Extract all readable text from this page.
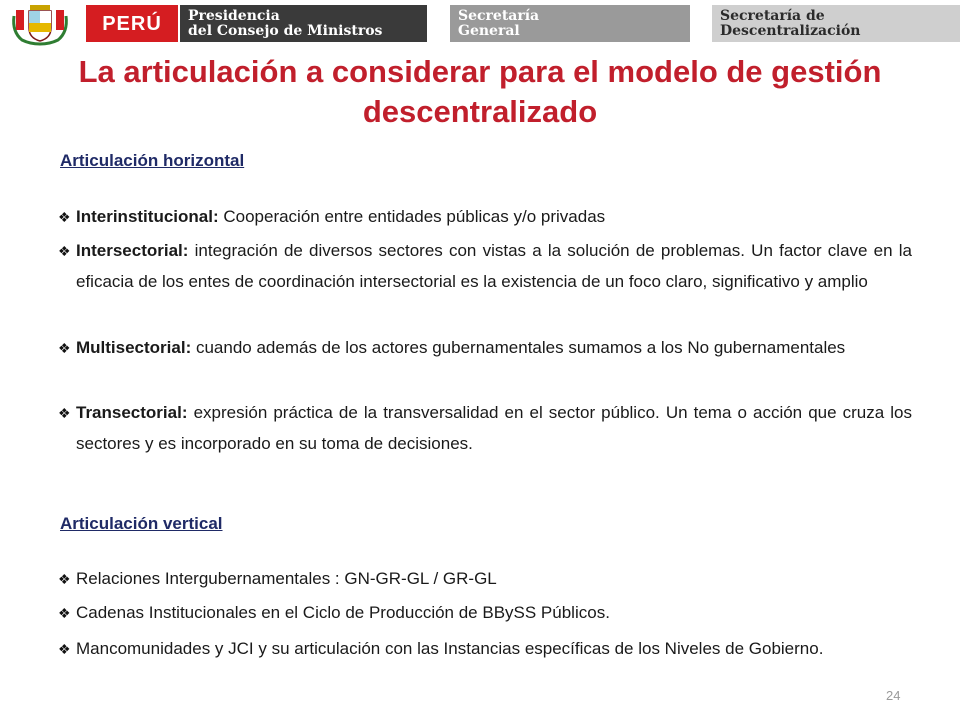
PERÚ	Presidencia
del Consejo de Ministros
Secretaría
General
Secretaría de
Descentralización
La articulación a considerar para el modelo de gestión descentralizado
Articulación horizontal
❖ Interinstitucional: Cooperación entre entidades públicas y/o privadas
❖ Intersectorial: integración de diversos sectores con vistas a la solución de problemas. Un factor clave en la eficacia de los entes de coordinación intersectorial es la existencia de un foco claro, significativo y amplio
❖ Multisectorial: cuando además de los actores gubernamentales sumamos a los No gubernamentales
❖ Transectorial: expresión práctica de la transversalidad en el sector público. Un tema o acción que cruza los sectores y es incorporado en su toma de decisiones.
Articulación vertical
❖ Relaciones Intergubernamentales : GN-GR-GL / GR-GL
❖ Cadenas Institucionales en el Ciclo de Producción de BBySS Públicos.
❖ Mancomunidades y JCI y su articulación con las Instancias específicas de los Niveles de Gobierno.
24
